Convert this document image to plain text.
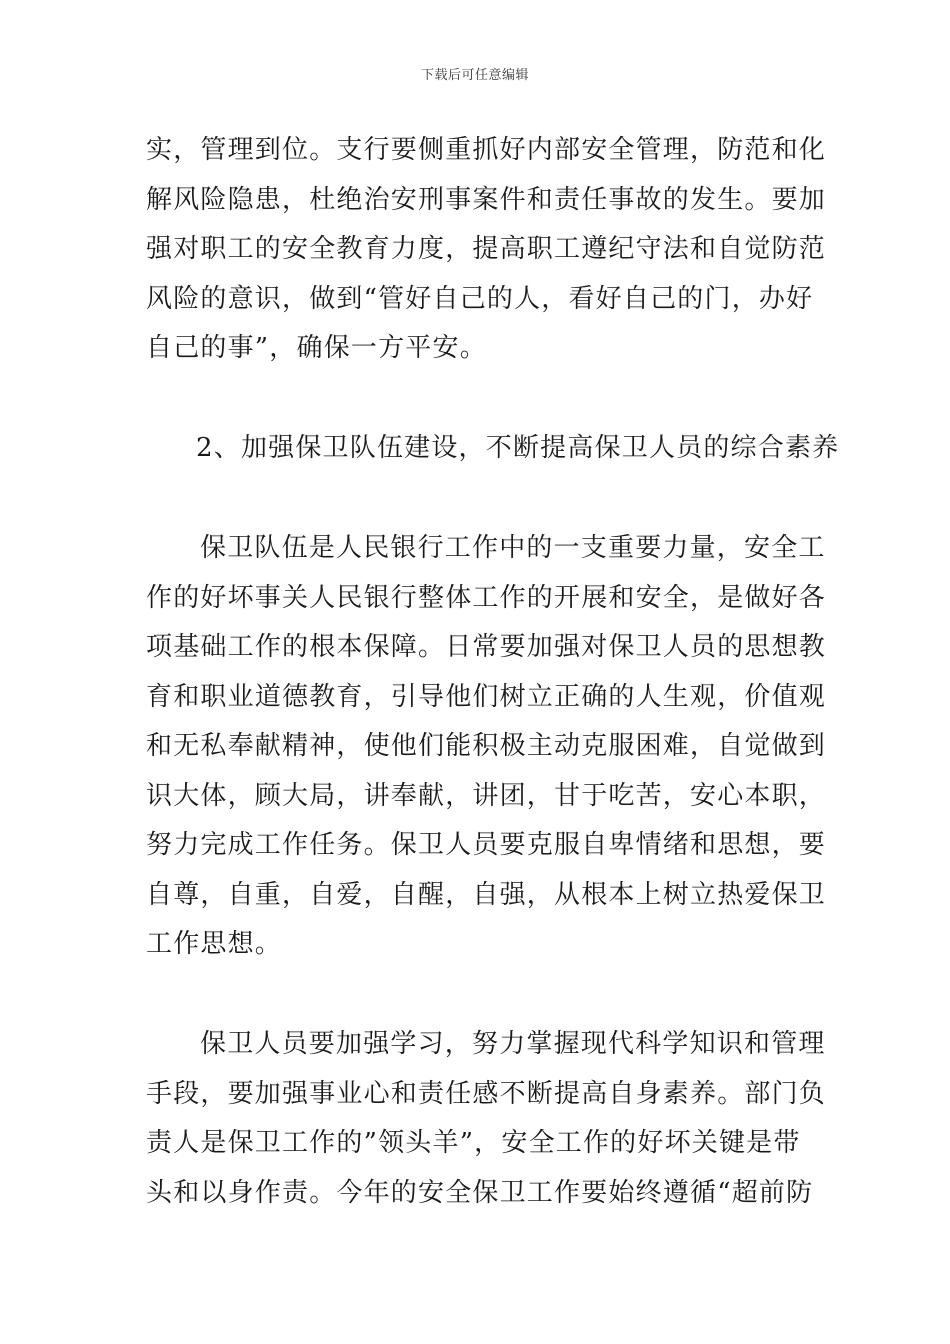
下载后可任意编辑
实，管理到位。支行要侧重抓好内部安全管理，防范和化
解风险隐患，杜绝治安刑事案件和责任事故的发生。要加
强对职工的安全教育力度，提高职工遵纪守法和自觉防范
风险的意识，做到“管好自己的人，看好自己的门，办好
自己的事”，确保一方平安。
2、加强保卫队伍建设，不断提高保卫人员的综合素养
保卫队伍是人民银行工作中的一支重要力量，安全工
作的好坏事关人民银行整体工作的开展和安全，是做好各
项基础工作的根本保障。日常要加强对保卫人员的思想教
育和职业道德教育，引导他们树立正确的人生观，价值观
和无私奉献精神，使他们能积极主动克服困难，自觉做到
识大体，顾大局，讲奉献，讲团，甘于吃苦，安心本职，
努力完成工作任务。保卫人员要克服自卑情绪和思想，要
自尊，自重，自爱，自醒，自强，从根本上树立热爱保卫
工作思想。
保卫人员要加强学习，努力掌握现代科学知识和管理
手段，要加强事业心和责任感不断提高自身素养。部门负
责人是保卫工作的”领头羊”，安全工作的好坏关键是带
头和以身作责。今年的安全保卫工作要始终遵循“超前防
